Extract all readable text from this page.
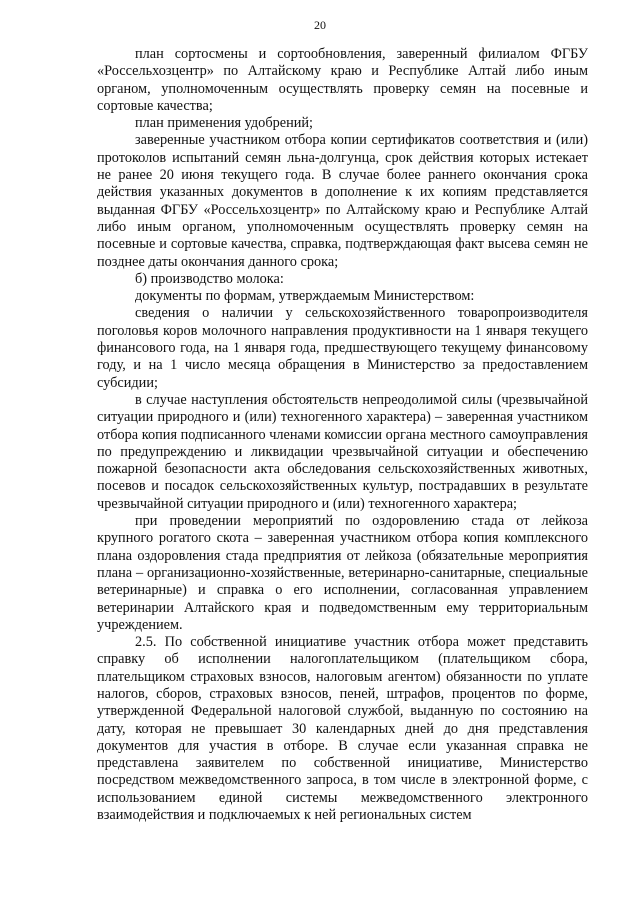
20

план сортосмены и сортообновления, заверенный филиалом ФГБУ «Россельхозцентр» по Алтайскому краю и Республике Алтай либо иным органом, уполномоченным осуществлять проверку семян на посевные и сортовые качества;

план применения удобрений;

заверенные участником отбора копии сертификатов соответствия и (или) протоколов испытаний семян льна-долгунца, срок действия которых истекает не ранее 20 июня текущего года. В случае более раннего окончания срока действия указанных документов в дополнение к их копиям представляется выданная ФГБУ «Россельхозцентр» по Алтайскому краю и Республике Алтай либо иным органом, уполномоченным осуществлять проверку семян на посевные и сортовые качества, справка, подтверждающая факт высева семян не позднее даты окончания данного срока;

б) производство молока:

документы по формам, утверждаемым Министерством:

сведения о наличии у сельскохозяйственного товаропроизводителя поголовья коров молочного направления продуктивности на 1 января текущего финансового года, на 1 января года, предшествующего текущему финансовому году, и на 1 число месяца обращения в Министерство за предоставлением субсидии;

в случае наступления обстоятельств непреодолимой силы (чрезвычайной ситуации природного и (или) техногенного характера) – заверенная участником отбора копия подписанного членами комиссии органа местного самоуправления по предупреждению и ликвидации чрезвычайной ситуации и обеспечению пожарной безопасности акта обследования сельскохозяйственных животных, посевов и посадок сельскохозяйственных культур, пострадавших в результате чрезвычайной ситуации природного и (или) техногенного характера;

при проведении мероприятий по оздоровлению стада от лейкоза крупного рогатого скота – заверенная участником отбора копия комплексного плана оздоровления стада предприятия от лейкоза (обязательные мероприятия плана – организационно-хозяйственные, ветеринарно-санитарные, специальные ветеринарные) и справка о его исполнении, согласованная управлением ветеринарии Алтайского края и подведомственным ему территориальным учреждением.

2.5. По собственной инициативе участник отбора может представить справку об исполнении налогоплательщиком (плательщиком сбора, плательщиком страховых взносов, налоговым агентом) обязанности по уплате налогов, сборов, страховых взносов, пеней, штрафов, процентов по форме, утвержденной Федеральной налоговой службой, выданную по состоянию на дату, которая не превышает 30 календарных дней до дня представления документов для участия в отборе. В случае если указанная справка не представлена заявителем по собственной инициативе, Министерство посредством межведомственного запроса, в том числе в электронной форме, с использованием единой системы межведомственного электронного взаимодействия и подключаемых к ней региональных систем
